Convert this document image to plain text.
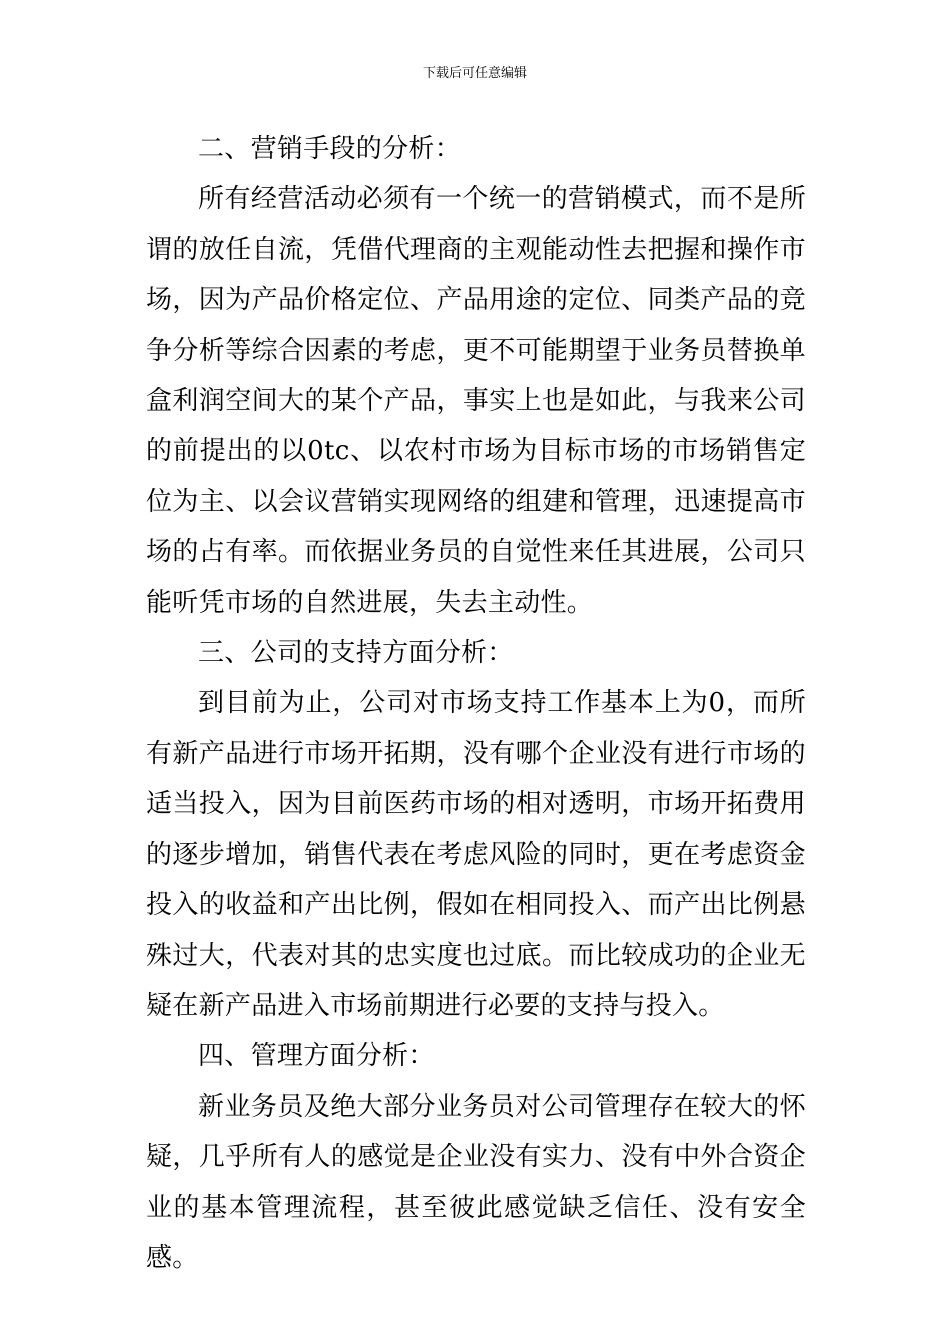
下载后可任意编辑

二、营销手段的分析：

所有经营活动必须有一个统一的营销模式，而不是所谓的放任自流，凭借代理商的主观能动性去把握和操作市场，因为产品价格定位、产品用途的定位、同类产品的竞争分析等综合因素的考虑，更不可能期望于业务员替换单盒利润空间大的某个产品，事实上也是如此，与我来公司的前提出的以0tc、以农村市场为目标市场的市场销售定位为主、以会议营销实现网络的组建和管理，迅速提高市场的占有率。而依据业务员的自觉性来任其进展，公司只能听凭市场的自然进展，失去主动性。

三、公司的支持方面分析：

到目前为止，公司对市场支持工作基本上为0，而所有新产品进行市场开拓期，没有哪个企业没有进行市场的适当投入，因为目前医药市场的相对透明，市场开拓费用的逐步增加，销售代表在考虑风险的同时，更在考虑资金投入的收益和产出比例，假如在相同投入、而产出比例悬殊过大，代表对其的忠实度也过底。而比较成功的企业无疑在新产品进入市场前期进行必要的支持与投入。

四、管理方面分析：

新业务员及绝大部分业务员对公司管理存在较大的怀疑，几乎所有人的感觉是企业没有实力、没有中外合资企业的基本管理流程，甚至彼此感觉缺乏信任、没有安全感。
